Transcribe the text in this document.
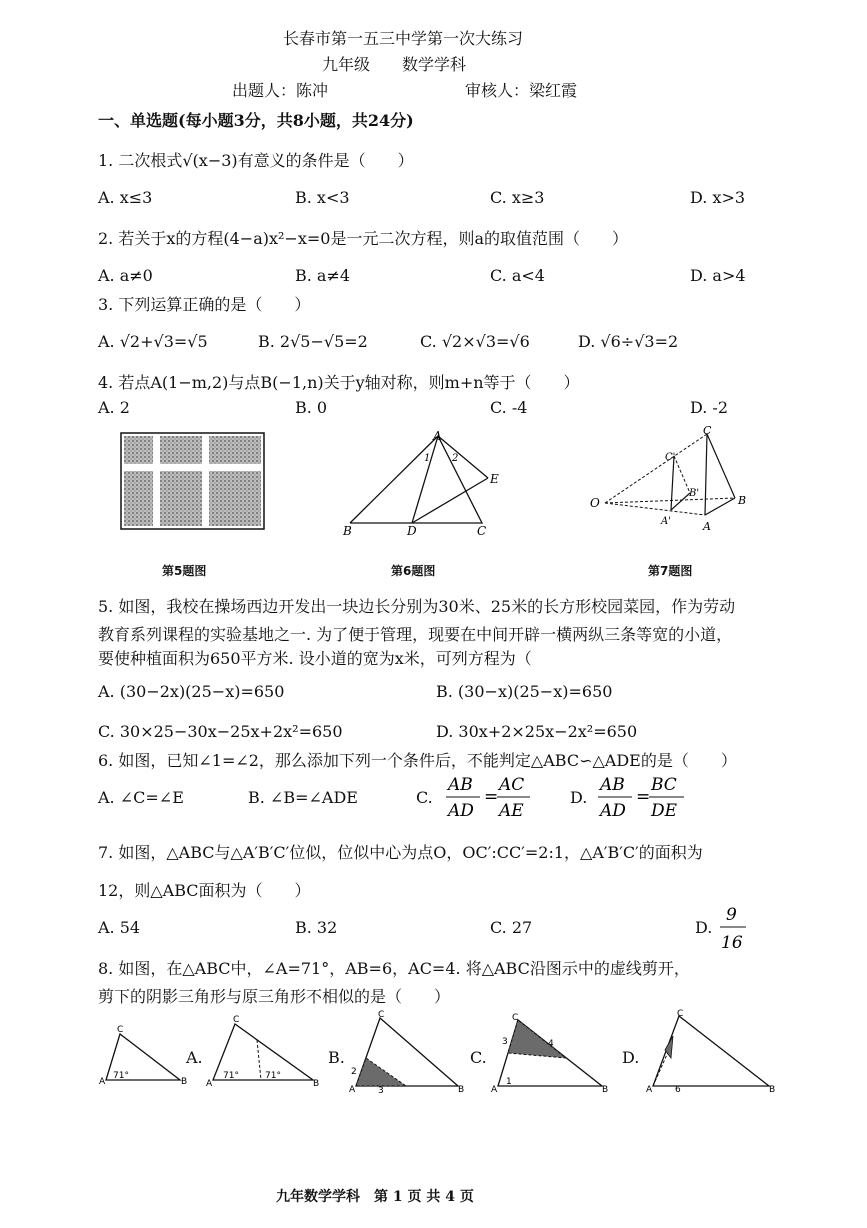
长春市第一五三中学第一次大练习
九年级　　数学学科
出题人：陈冲	审核人：梁红霞
一、单选题(每小题3分，共8小题，共24分)
1. 二次根式√(x−3)有意义的条件是（　　）
A. x≤3	B. x<3	C. x≥3	D. x>3
2. 若关于x的方程(4−a)x²−x=0是一元二次方程，则a的取值范围（　　）
A. a≠0	B. a≠4	C. a<4	D. a>4
3. 下列运算正确的是（　　）
A. √2+√3=√5	B. 2√5−√5=2	C. √2×√3=√6	D. √6÷√3=2
4. 若点A(1−m,2)与点B(−1,n)关于y轴对称，则m+n等于（　　）
A. 2	B. 0	C. -4	D. -2
A
B	C
D
E
1 2
O
A
B
C
A'
B'
C'
第5题图	第6题图	第7题图
5. 如图，我校在操场西边开发出一块边长分别为30米、25米的长方形校园菜园，作为劳动
教育系列课程的实验基地之一. 为了便于管理，现要在中间开辟一横两纵三条等宽的小道，
要使种植面积为650平方米. 设小道的宽为x米，可列方程为（
A. (30−2x)(25−x)=650	B. (30−x)(25−x)=650
C. 30×25−30x−25x+2x²=650	D. 30x+2×25x−2x²=650
6. 如图，已知∠1=∠2，那么添加下列一个条件后，不能判定△ABC∽△ADE的是（　　）
A. ∠C=∠E	B. ∠B=∠ADE	C.
AB
AD
=
AC
AE
D.
AB
AD
=
BC
DE
7. 如图，△ABC与△A′B′C′位似，位似中心为点O，OC′:CC′=2:1，△A′B′C′的面积为
12，则△ABC面积为（　　）
A. 54	B. 32	C. 27	D.
9
16
8. 如图，在△ABC中，∠A=71°，AB=6，AC=4. 将△ABC沿图示中的虚线剪开，
剪下的阴影三角形与原三角形不相似的是（　　）
A
C
B
71°
A.
A
C
B
71°	71°
B.
A
C
B
3
2
C.
A
C
B
3
1
4
D.
A
C
B
6
九年数学学科　第 1 页 共 4 页
